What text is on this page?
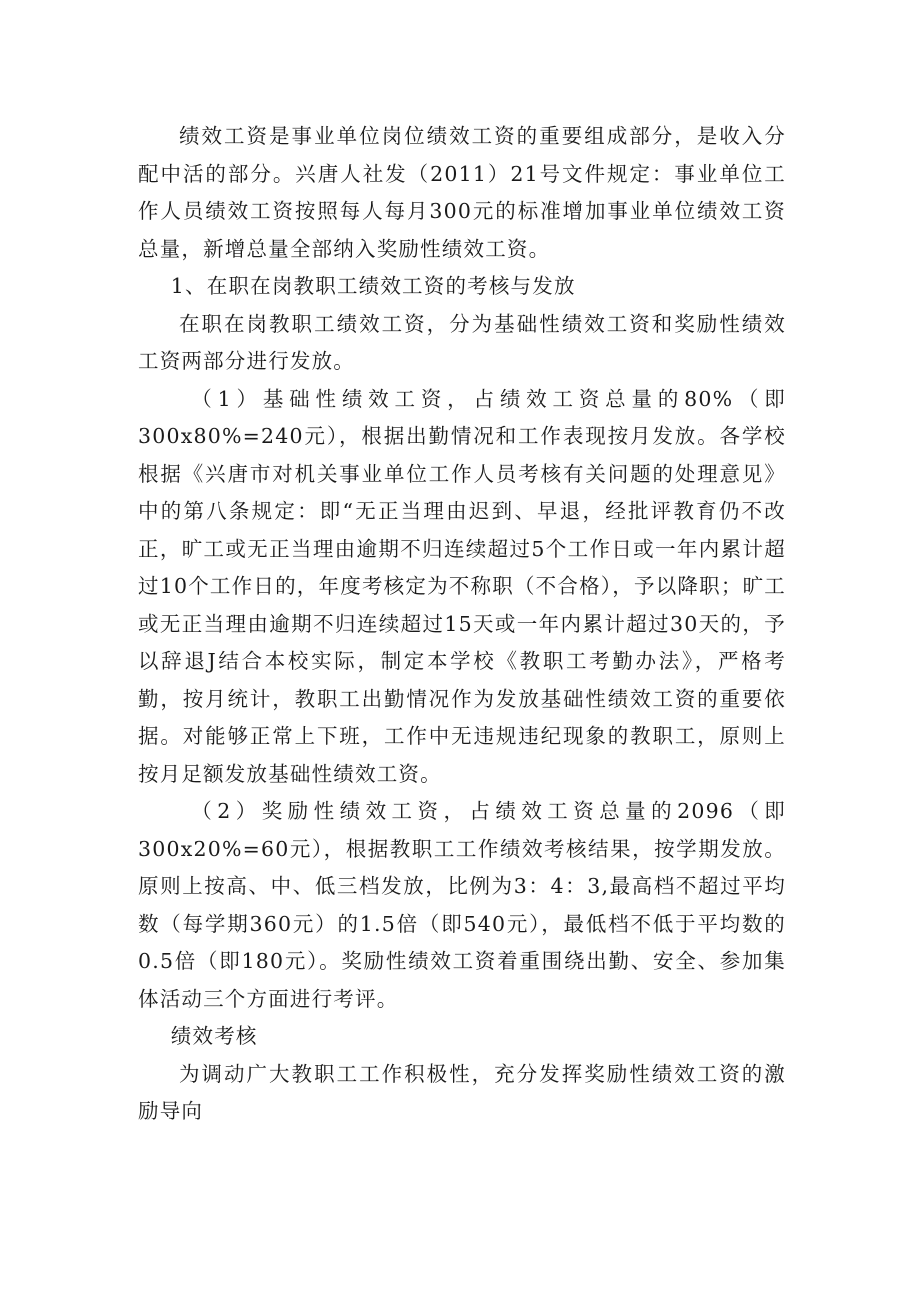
绩效工资是事业单位岗位绩效工资的重要组成部分，是收入分配中活的部分。兴唐人社发（2011）21号文件规定：事业单位工作人员绩效工资按照每人每月300元的标准增加事业单位绩效工资总量，新增总量全部纳入奖励性绩效工资。

1、在职在岗教职工绩效工资的考核与发放

在职在岗教职工绩效工资，分为基础性绩效工资和奖励性绩效工资两部分进行发放。

（1）基础性绩效工资，占绩效工资总量的80%（即300x80%=240元），根据出勤情况和工作表现按月发放。各学校根据《兴唐市对机关事业单位工作人员考核有关问题的处理意见》中的第八条规定：即“无正当理由迟到、早退，经批评教育仍不改正，旷工或无正当理由逾期不归连续超过5个工作日或一年内累计超过10个工作日的，年度考核定为不称职（不合格），予以降职；旷工或无正当理由逾期不归连续超过15天或一年内累计超过30天的，予以辞退J结合本校实际，制定本学校《教职工考勤办法》，严格考勤，按月统计，教职工出勤情况作为发放基础性绩效工资的重要依据。对能够正常上下班，工作中无违规违纪现象的教职工，原则上按月足额发放基础性绩效工资。

（2）奖励性绩效工资，占绩效工资总量的2096（即300x20%=60元），根据教职工工作绩效考核结果，按学期发放。原则上按高、中、低三档发放，比例为3：4：3,最高档不超过平均数（每学期360元）的1.5倍（即540元），最低档不低于平均数的0.5倍（即180元）。奖励性绩效工资着重围绕出勤、安全、参加集体活动三个方面进行考评。

绩效考核

为调动广大教职工工作积极性，充分发挥奖励性绩效工资的激励导向
